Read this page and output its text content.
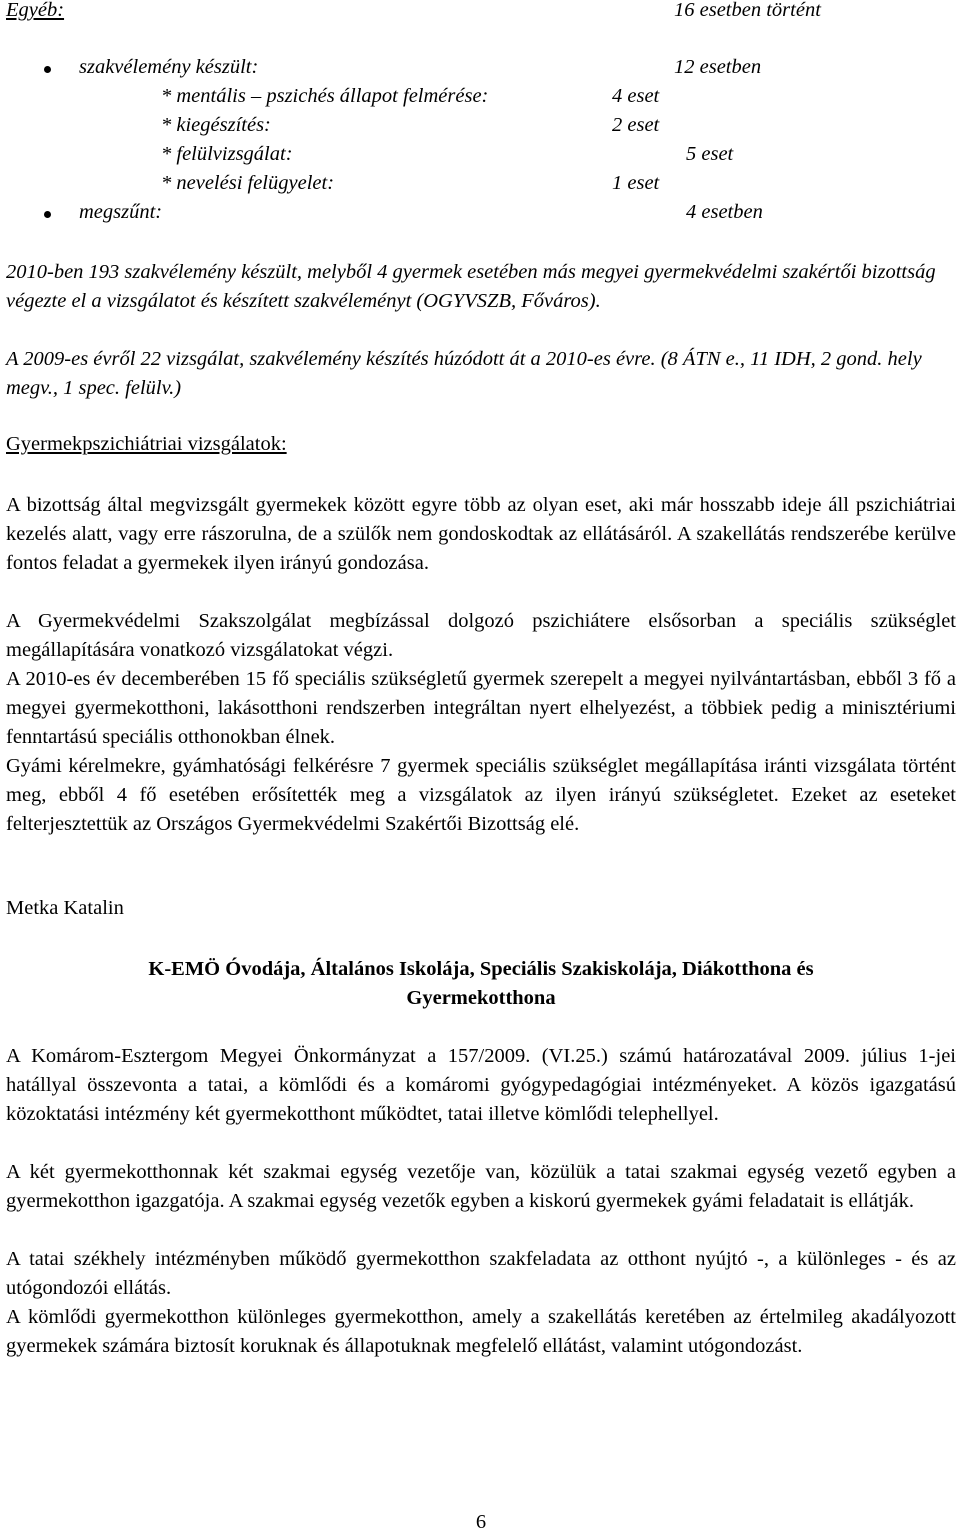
Egyéb:	16 esetben történt
szakvélemény készült:	12 esetben
* mentális – pszichés állapot felmérése:	4 eset
* kiegészítés:	2 eset
* felülvizsgálat:	5 eset
* nevelési felügyelet:	1 eset
megszűnt:	4 esetben
2010-ben 193 szakvélemény készült, melyből 4 gyermek esetében más megyei gyermekvédelmi szakértői bizottság végezte el a vizsgálatot és készített szakvéleményt (OGYVSZB, Főváros).
A 2009-es évről 22 vizsgálat, szakvélemény készítés húzódott át a 2010-es évre. (8 ÁTN e., 11 IDH, 2 gond. hely megv., 1 spec. felülv.)
Gyermekpszichiátriai vizsgálatok:
A bizottság által megvizsgált gyermekek között egyre több az olyan eset, aki már hosszabb ideje áll pszichiátriai kezelés alatt, vagy erre rászorulna, de a szülők nem gondoskodtak az ellátásáról. A szakellátás rendszerébe kerülve fontos feladat a gyermekek ilyen irányú gondozása.
A Gyermekvédelmi Szakszolgálat megbízással dolgozó pszichiátere elsősorban a speciális szükséglet megállapítására vonatkozó vizsgálatokat végzi.
A 2010-es év decemberében 15 fő speciális szükségletű gyermek szerepelt a megyei nyilvántartásban, ebből 3 fő a megyei gyermekotthoni, lakásotthoni rendszerben integráltan nyert elhelyezést, a többiek pedig a minisztériumi fenntartású speciális otthonokban élnek.
Gyámi kérelmekre, gyámhatósági felkérésre 7 gyermek speciális szükséglet megállapítása iránti vizsgálata történt meg, ebből 4 fő esetében erősítették meg a vizsgálatok az ilyen irányú szükségletet. Ezeket az eseteket felterjesztettük az Országos Gyermekvédelmi Szakértői Bizottság elé.
Metka Katalin
K-EMÖ Óvodája, Általános Iskolája, Speciális Szakiskolája, Diákotthona és
Gyermekotthona
A Komárom-Esztergom Megyei Önkormányzat a 157/2009. (VI.25.) számú határozatával 2009. július 1-jei hatállyal összevonta a tatai, a kömlődi és a komáromi gyógypedagógiai intézményeket. A közös igazgatású közoktatási intézmény két gyermekotthont működtet, tatai illetve kömlődi telephellyel.
A két gyermekotthonnak két szakmai egység vezetője van, közülük a tatai szakmai egység vezető egyben a gyermekotthon igazgatója. A szakmai egység vezetők egyben a kiskorú gyermekek gyámi feladatait is ellátják.
A tatai székhely intézményben működő gyermekotthon szakfeladata az otthont nyújtó -, a különleges - és az utógondozói ellátás.
A kömlődi gyermekotthon különleges gyermekotthon, amely a szakellátás keretében az értelmileg akadályozott gyermekek számára biztosít koruknak és állapotuknak megfelelő ellátást, valamint utógondozást.
6
